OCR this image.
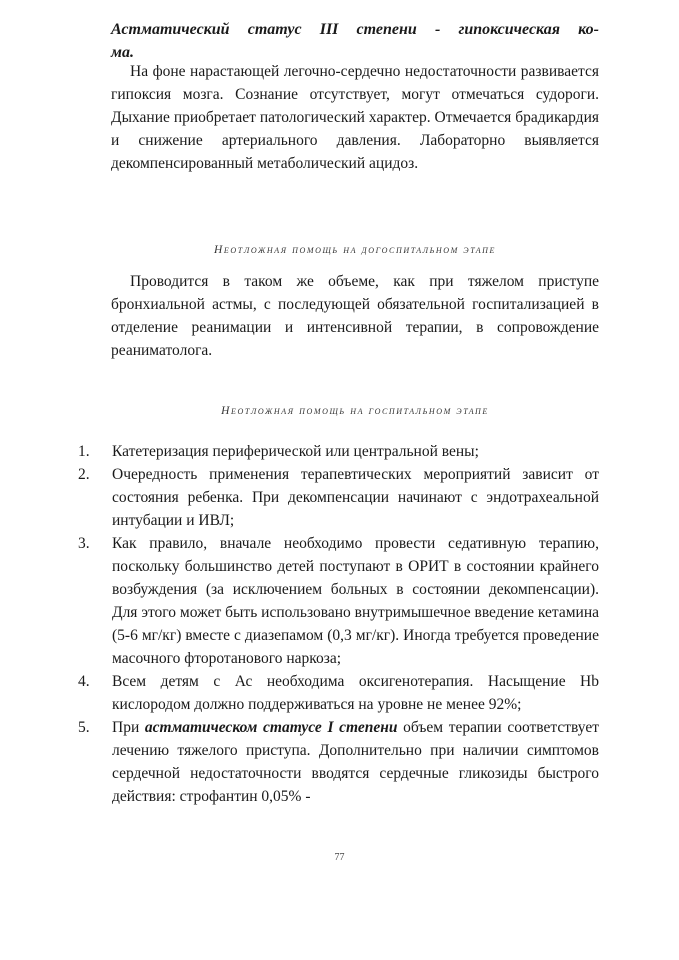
Астматический статус III степени - гипоксическая ко-
ма.

На фоне нарастающей легочно-сердечно недостаточности развивается гипоксия мозга. Сознание отсутствует, могут отмечаться судороги. Дыхание приобретает патологический характер. Отмечается брадикардия и снижение артериального давления. Лабораторно выявляется декомпенсированный метаболический ацидоз.

Неотложная помощь на догоспитальном этапе

Проводится в таком же объеме, как при тяжелом приступе бронхиальной астмы, с последующей обязательной госпитализацией в отделение реанимации и интенсивной терапии, в сопровождение реаниматолога.

Неотложная помощь на госпитальном этапе
1.	Катетеризация периферической или центральной вены;
2.	Очередность применения терапевтических мероприятий зависит от состояния ребенка. При декомпенсации начинают с эндотрахеальной интубации и ИВЛ;
3.	Как правило, вначале необходимо провести седативную терапию, поскольку большинство детей поступают в ОРИТ в состоянии крайнего возбуждения (за исключением больных в состоянии декомпенсации). Для этого может быть использовано внутримышечное введение кетамина (5-6 мг/кг) вместе с диазепамом (0,3 мг/кг). Иногда требуется проведение масочного фторотанового наркоза;
4.	Всем детям с Ас необходима оксигенотерапия. Насыщение Нb кислородом должно поддерживаться на уровне не менее 92%;
5.	При астматическом статусе I степени объем терапии соответствует лечению тяжелого приступа. Дополнительно при наличии симптомов сердечной недостаточности вводятся сердечные гликозиды быстрого действия: строфантин 0,05% -
77
